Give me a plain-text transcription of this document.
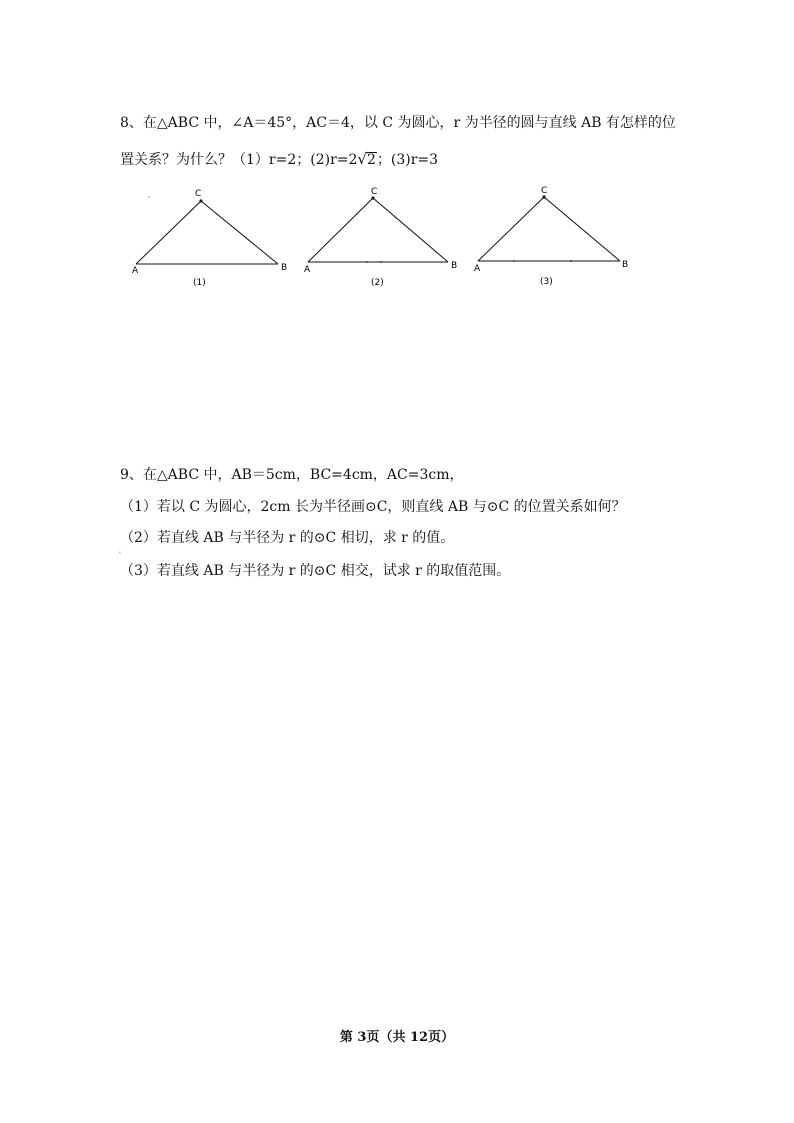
8、在△ABC 中，∠A＝45°，AC＝4，以 C 为圆心，r 为半径的圆与直线 AB 有怎样的位
置关系？为什么？（1）r=2；(2)r=2√2；(3)r=3
C
A	B
(1)
C
A	B
(2)
C
A	B
(3)
9、在△ABC 中，AB＝5cm，BC=4cm，AC=3cm，
（1）若以 C 为圆心，2cm 长为半径画⊙C，则直线 AB 与⊙C 的位置关系如何？
.
（2）若直线 AB 与半径为 r 的⊙C 相切，求 r 的值。
（3）若直线 AB 与半径为 r 的⊙C 相交，试求 r 的取值范围。
第 3页（共 12页）
